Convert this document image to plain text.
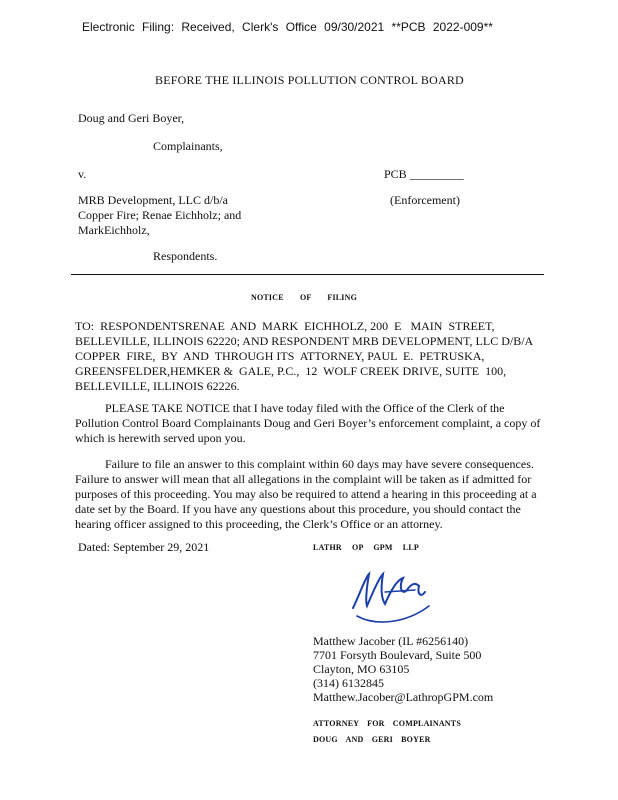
Electronic Filing: Received, Clerk's Office 09/30/2021 **PCB 2022-009**
BEFORE THE ILLINOIS POLLUTION CONTROL BOARD
Doug and Geri Boyer,
Complainants,
v.	PCB _________
MRB Development, LLC d/b/a
Copper Fire; Renae Eichholz; and
MarkEichholz,
(Enforcement)
Respondents.
NOTICE OF FILING
TO:  RESPONDENTSRENAE  AND  MARK  EICHHOLZ, 200  E   MAIN  STREET,
BELLEVILLE, ILLINOIS 62220; AND RESPONDENT MRB DEVELOPMENT, LLC D/B/A
COPPER  FIRE,  BY  AND  THROUGH ITS  ATTORNEY, PAUL  E.  PETRUSKA,
GREENSFELDER,HEMKER &  GALE, P.C.,  12  WOLF CREEK DRIVE, SUITE  100,
BELLEVILLE, ILLINOIS 62226.
PLEASE TAKE NOTICE that I have today filed with the Office of the Clerk of the
Pollution Control Board Complainants Doug and Geri Boyer’s enforcement complaint, a copy of
which is herewith served upon you.
Failure to file an answer to this complaint within 60 days may have severe consequences.
Failure to answer will mean that all allegations in the complaint will be taken as if admitted for
purposes of this proceeding. You may also be required to attend a hearing in this proceeding at a
date set by the Board. If you have any questions about this procedure, you should contact the
hearing officer assigned to this proceeding, the Clerk’s Office or an attorney.
Dated: September 29, 2021	LATHR OP GPM LLP
Matthew Jacober (IL #6256140)
7701 Forsyth Boulevard, Suite 500
Clayton, MO 63105
(314) 6132845
Matthew.Jacober@LathropGPM.com
ATTORNEY FOR COMPLAINANTS
DOUG AND GERI BOYER
